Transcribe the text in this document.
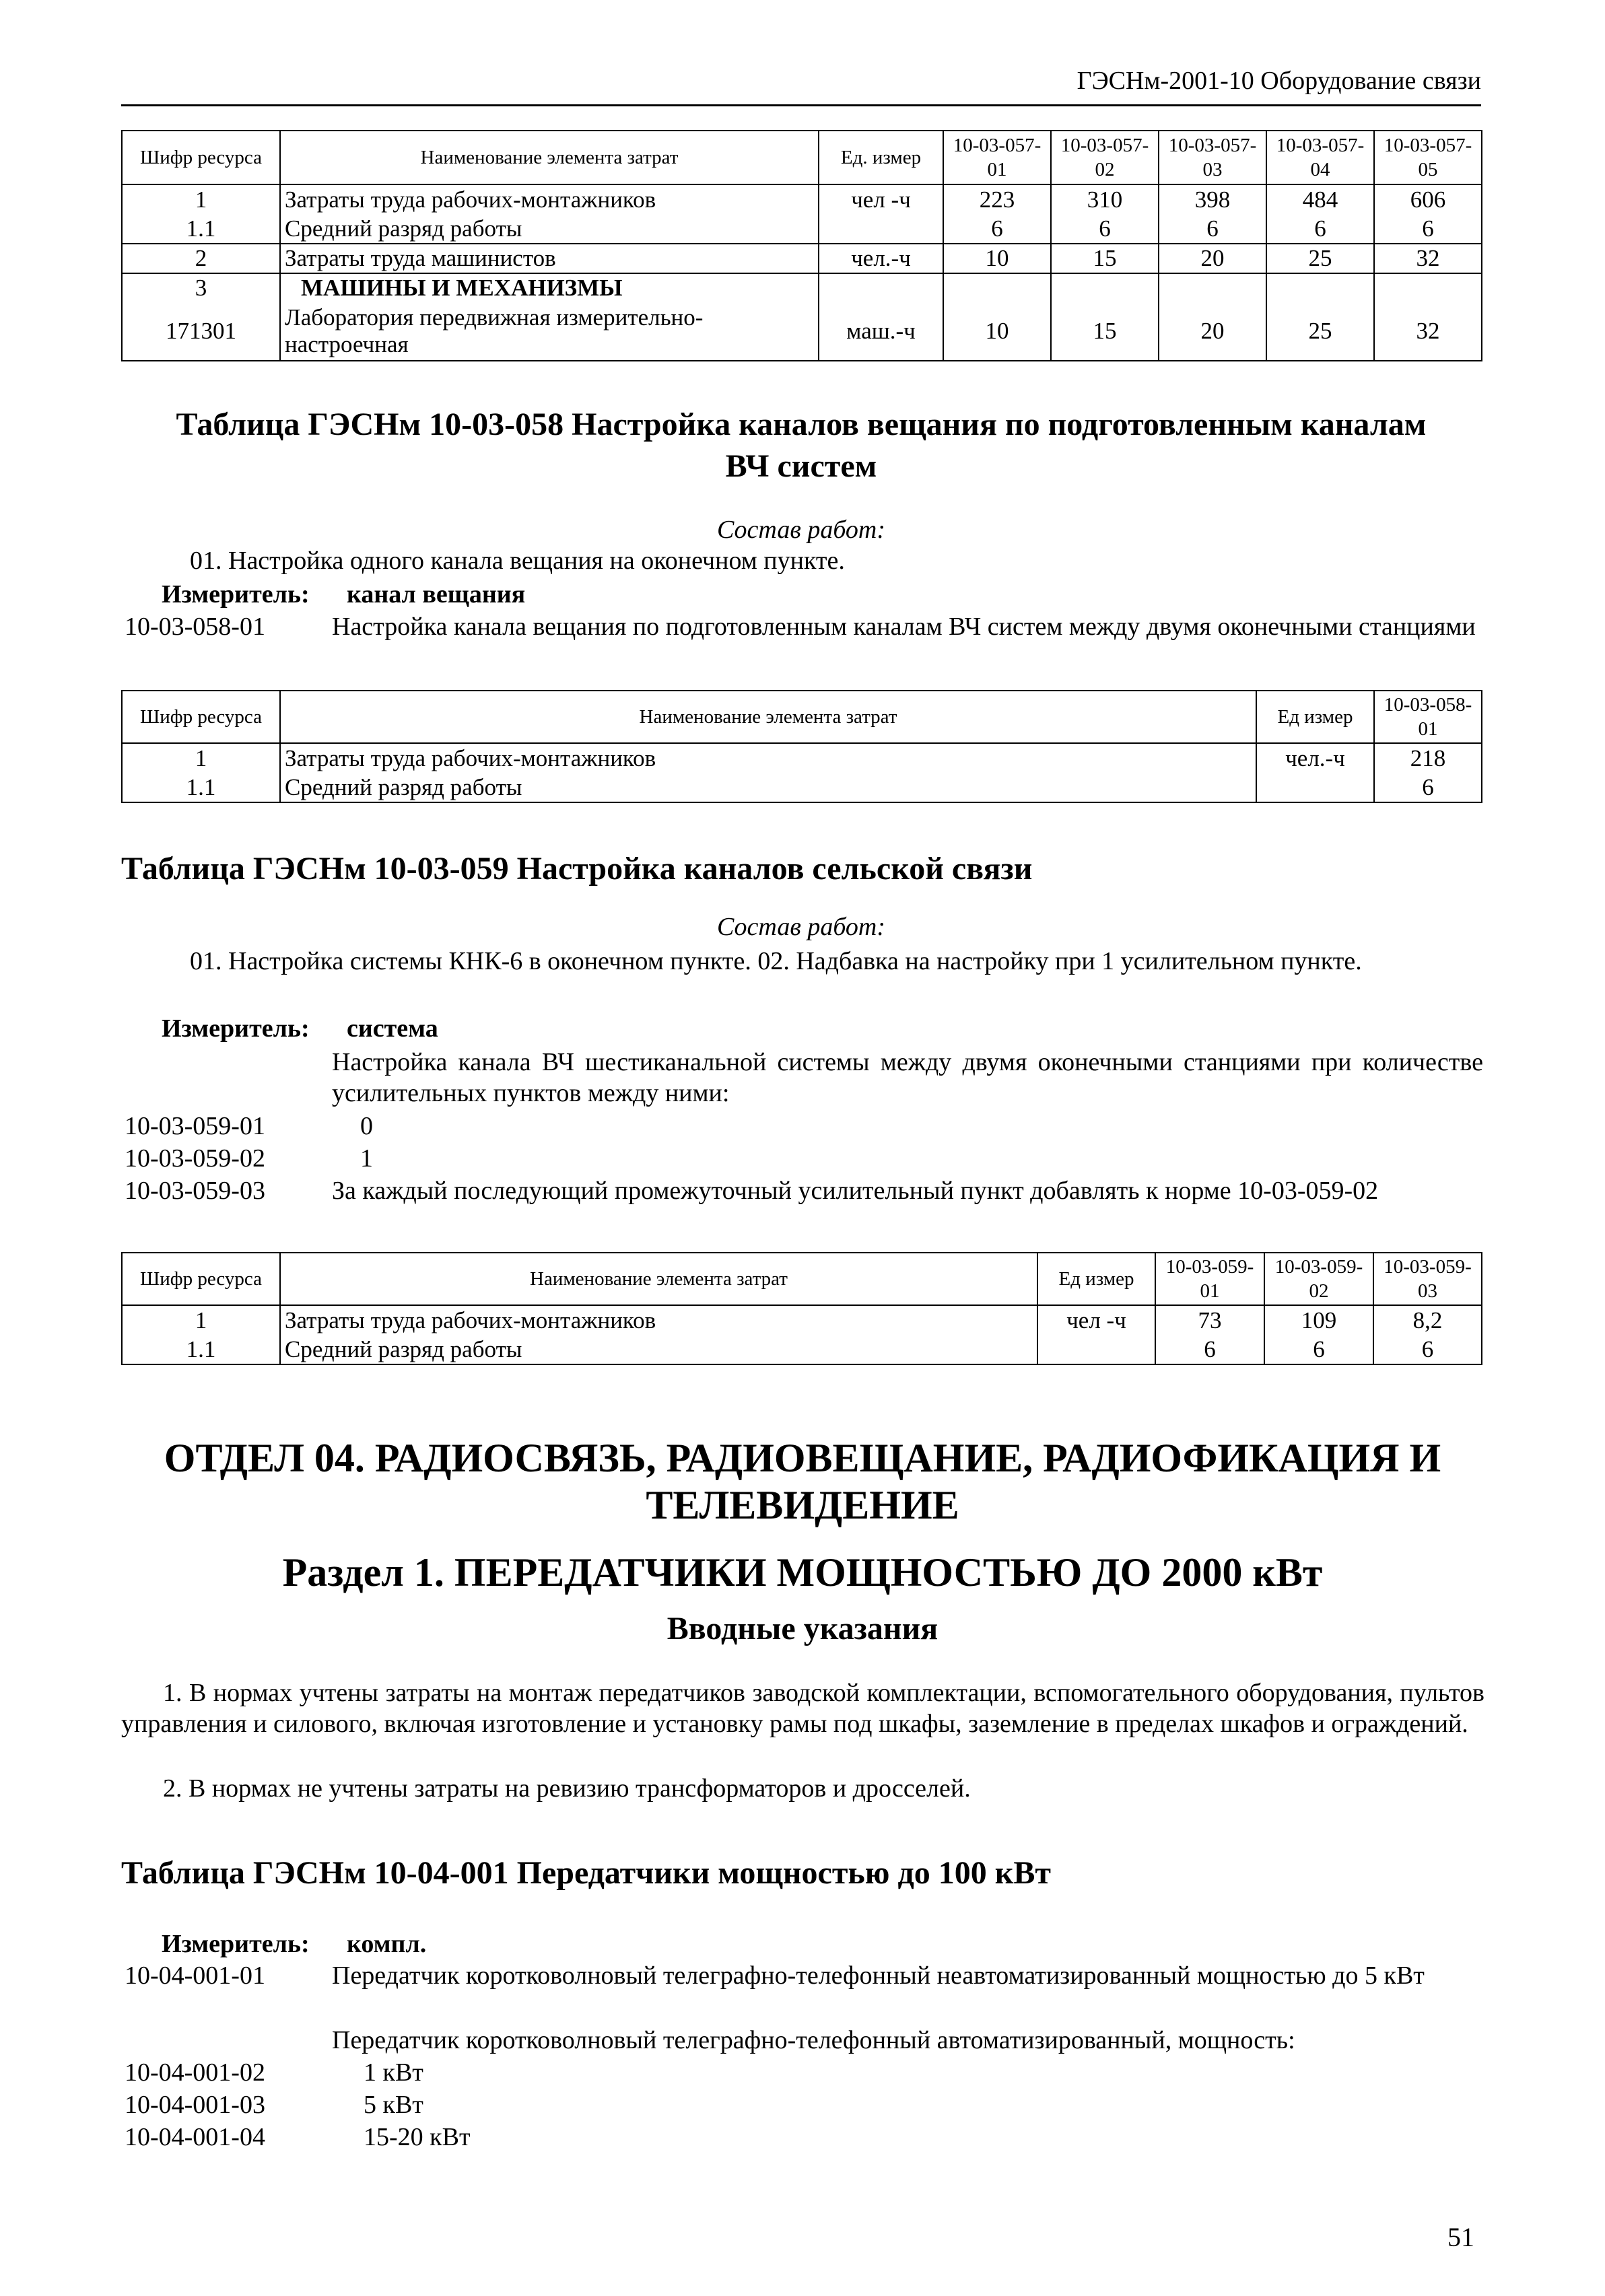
ГЭСНм-2001-10 Оборудование связи
Шифр ресурса	Наименование элемента затрат	Ед. измер	10-03-057-01	10-03-057-02	10-03-057-03	10-03-057-04	10-03-057-05
1	Затраты труда рабочих-монтажников	чел -ч	223	310	398	484	606
1.1	Средний разряд работы		6	6	6	6	6
2	Затраты труда машинистов	чел.-ч	10	15	20	25	32
3	МАШИНЫ И МЕХАНИЗМЫ						
171301	Лаборатория передвижная измерительно-настроечная	маш.-ч	10	15	20	25	32
Таблица ГЭСНм 10-03-058 Настройка каналов вещания по подготовленным каналам
ВЧ систем
Состав работ:
01. Настройка одного канала вещания на оконечном пункте.
Измеритель: канал вещания
10-03-058-01	Настройка канала вещания по подготовленным каналам ВЧ систем между двумя оконечными станциями
Шифр ресурса	Наименование элемента затрат	Ед измер	10-03-058-01
1	Затраты труда рабочих-монтажников	чел.-ч	218
1.1	Средний разряд работы		6
Таблица ГЭСНм 10-03-059 Настройка каналов сельской связи
Состав работ:
01. Настройка системы КНК-6 в оконечном пункте. 02. Надбавка на настройку при 1 усилительном пункте.
Измеритель: система
Настройка канала ВЧ шестиканальной системы между двумя оконечными станциями при количестве усилительных пунктов между ними:
10-03-059-01	0
10-03-059-02	1
10-03-059-03	За каждый последующий промежуточный усилительный пункт добавлять к норме 10-03-059-02
Шифр ресурса	Наименование элемента затрат	Ед измер	10-03-059-01	10-03-059-02	10-03-059-03
1	Затраты труда рабочих-монтажников	чел -ч	73	109	8,2
1.1	Средний разряд работы		6	6	6
ОТДЕЛ 04. РАДИОСВЯЗЬ, РАДИОВЕЩАНИЕ, РАДИОФИКАЦИЯ И
ТЕЛЕВИДЕНИЕ
Раздел 1. ПЕРЕДАТЧИКИ МОЩНОСТЬЮ ДО 2000 кВт
Вводные указания
1. В нормах учтены затраты на монтаж передатчиков заводской комплектации, вспомогательного оборудования, пультов управления и силового, включая изготовление и установку рамы под шкафы, заземление в пределах шкафов и ограждений.
2. В нормах не учтены затраты на ревизию трансформаторов и дросселей.
Таблица ГЭСНм 10-04-001 Передатчики мощностью до 100 кВт
Измеритель: компл.
10-04-001-01	Передатчик коротковолновый телеграфно-телефонный неавтоматизированный мощностью до 5 кВт
Передатчик коротковолновый телеграфно-телефонный автоматизированный, мощность:
10-04-001-02	1 кВт
10-04-001-03	5 кВт
10-04-001-04	15-20 кВт
51
